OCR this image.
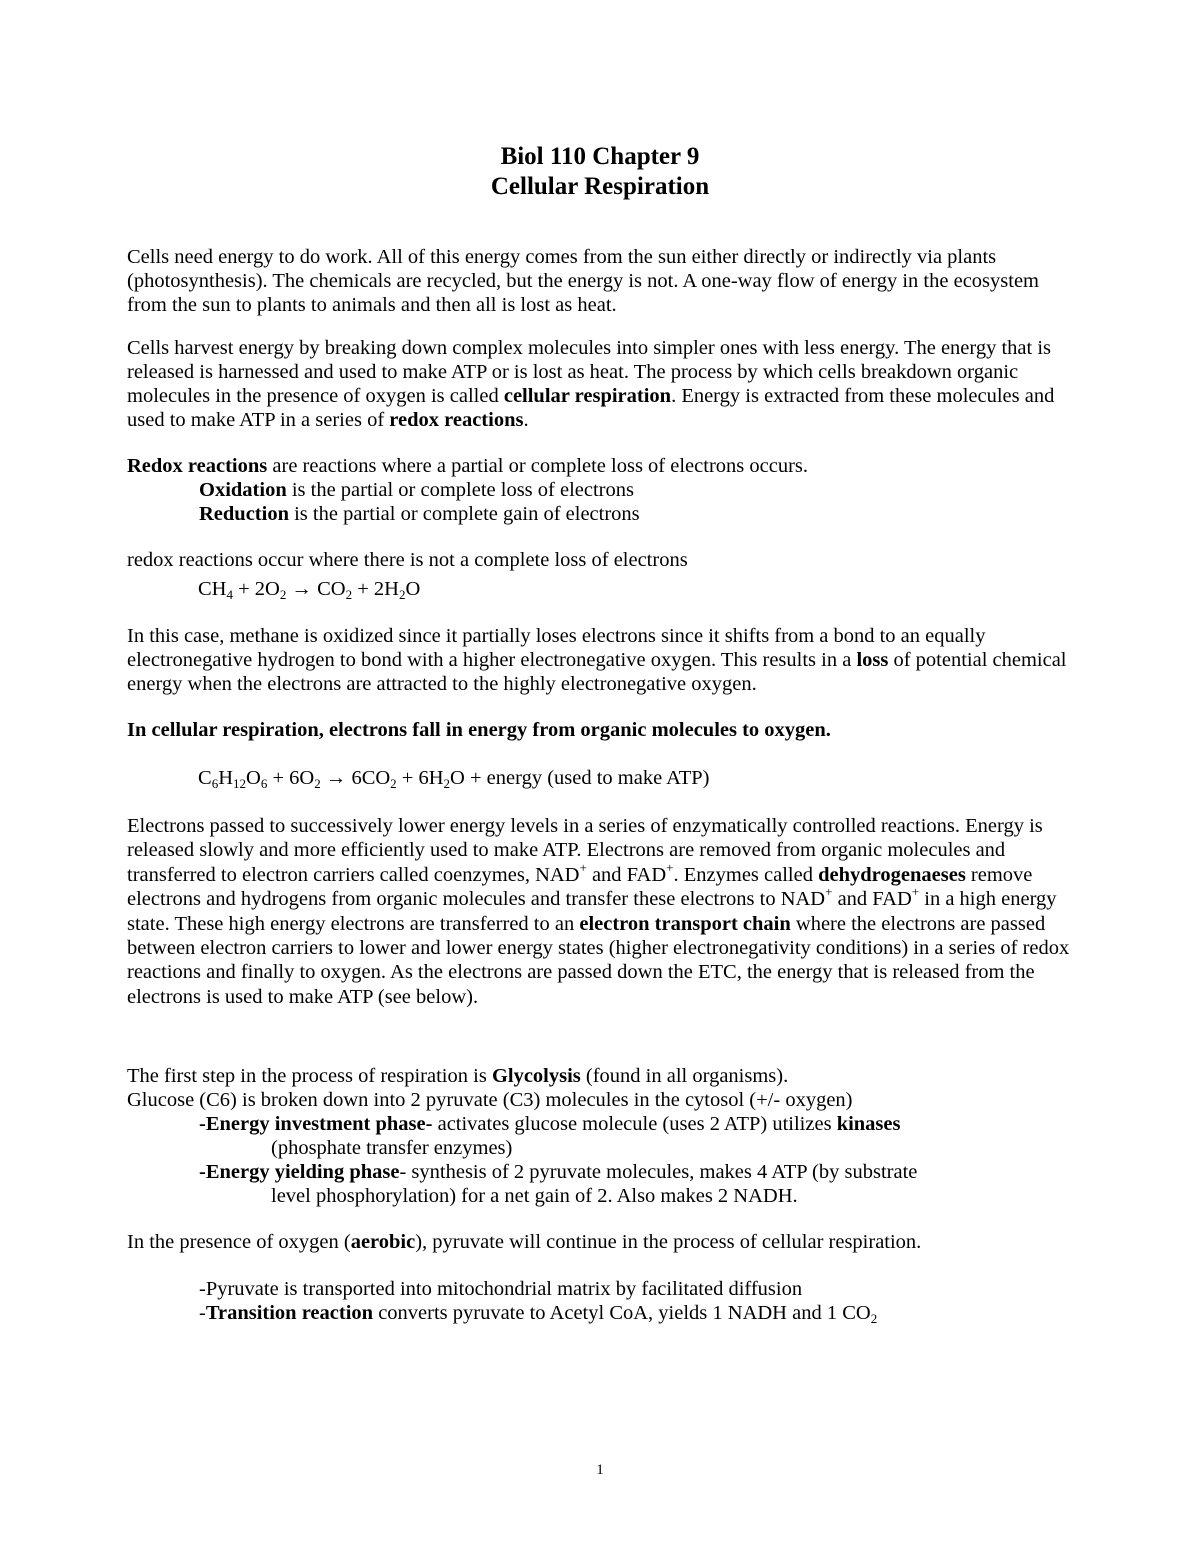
Biol 110 Chapter 9
Cellular Respiration

Cells need energy to do work. All of this energy comes from the sun either directly or indirectly via plants (photosynthesis). The chemicals are recycled, but the energy is not. A one-way flow of energy in the ecosystem from the sun to plants to animals and then all is lost as heat.

Cells harvest energy by breaking down complex molecules into simpler ones with less energy. The energy that is released is harnessed and used to make ATP or is lost as heat. The process by which cells breakdown organic molecules in the presence of oxygen is called cellular respiration. Energy is extracted from these molecules and used to make ATP in a series of redox reactions.

Redox reactions are reactions where a partial or complete loss of electrons occurs.

Oxidation is the partial or complete loss of electrons

Reduction is the partial or complete gain of electrons

redox reactions occur where there is not a complete loss of electrons

$CH_4 + 2O_2 \to CO_2 + 2H_2O$

In this case, methane is oxidized since it partially loses electrons since it shifts from a bond to an equally electronegative hydrogen to bond with a higher electronegative oxygen. This results in a loss of potential chemical energy when the electrons are attracted to the highly electronegative oxygen.

In cellular respiration, electrons fall in energy from organic molecules to oxygen.

$C_6H_{12}O_6 + 6O_2 \to 6CO_2 + 6H_2O$ + energy (used to make ATP)

Electrons passed to successively lower energy levels in a series of enzymatically controlled reactions. Energy is released slowly and more efficiently used to make ATP. Electrons are removed from organic molecules and transferred to electron carriers called coenzymes, NAD+ and FAD+. Enzymes called dehydrogenaeses remove electrons and hydrogens from organic molecules and transfer these electrons to NAD+ and FAD+ in a high energy state. These high energy electrons are transferred to an electron transport chain where the electrons are passed between electron carriers to lower and lower energy states (higher electronegativity conditions) in a series of redox reactions and finally to oxygen. As the electrons are passed down the ETC, the energy that is released from the electrons is used to make ATP (see below).

The first step in the process of respiration is Glycolysis (found in all organisms).

Glucose (C6) is broken down into 2 pyruvate (C3) molecules in the cytosol (+/- oxygen)

-Energy investment phase- activates glucose molecule (uses 2 ATP) utilizes kinases

(phosphate transfer enzymes)

-Energy yielding phase- synthesis of 2 pyruvate molecules, makes 4 ATP (by substrate

level phosphorylation) for a net gain of 2. Also makes 2 NADH.

In the presence of oxygen (aerobic), pyruvate will continue in the process of cellular respiration.

-Pyruvate is transported into mitochondrial matrix by facilitated diffusion

-Transition reaction converts pyruvate to Acetyl CoA, yields 1 NADH and 1 $CO_2$

1
